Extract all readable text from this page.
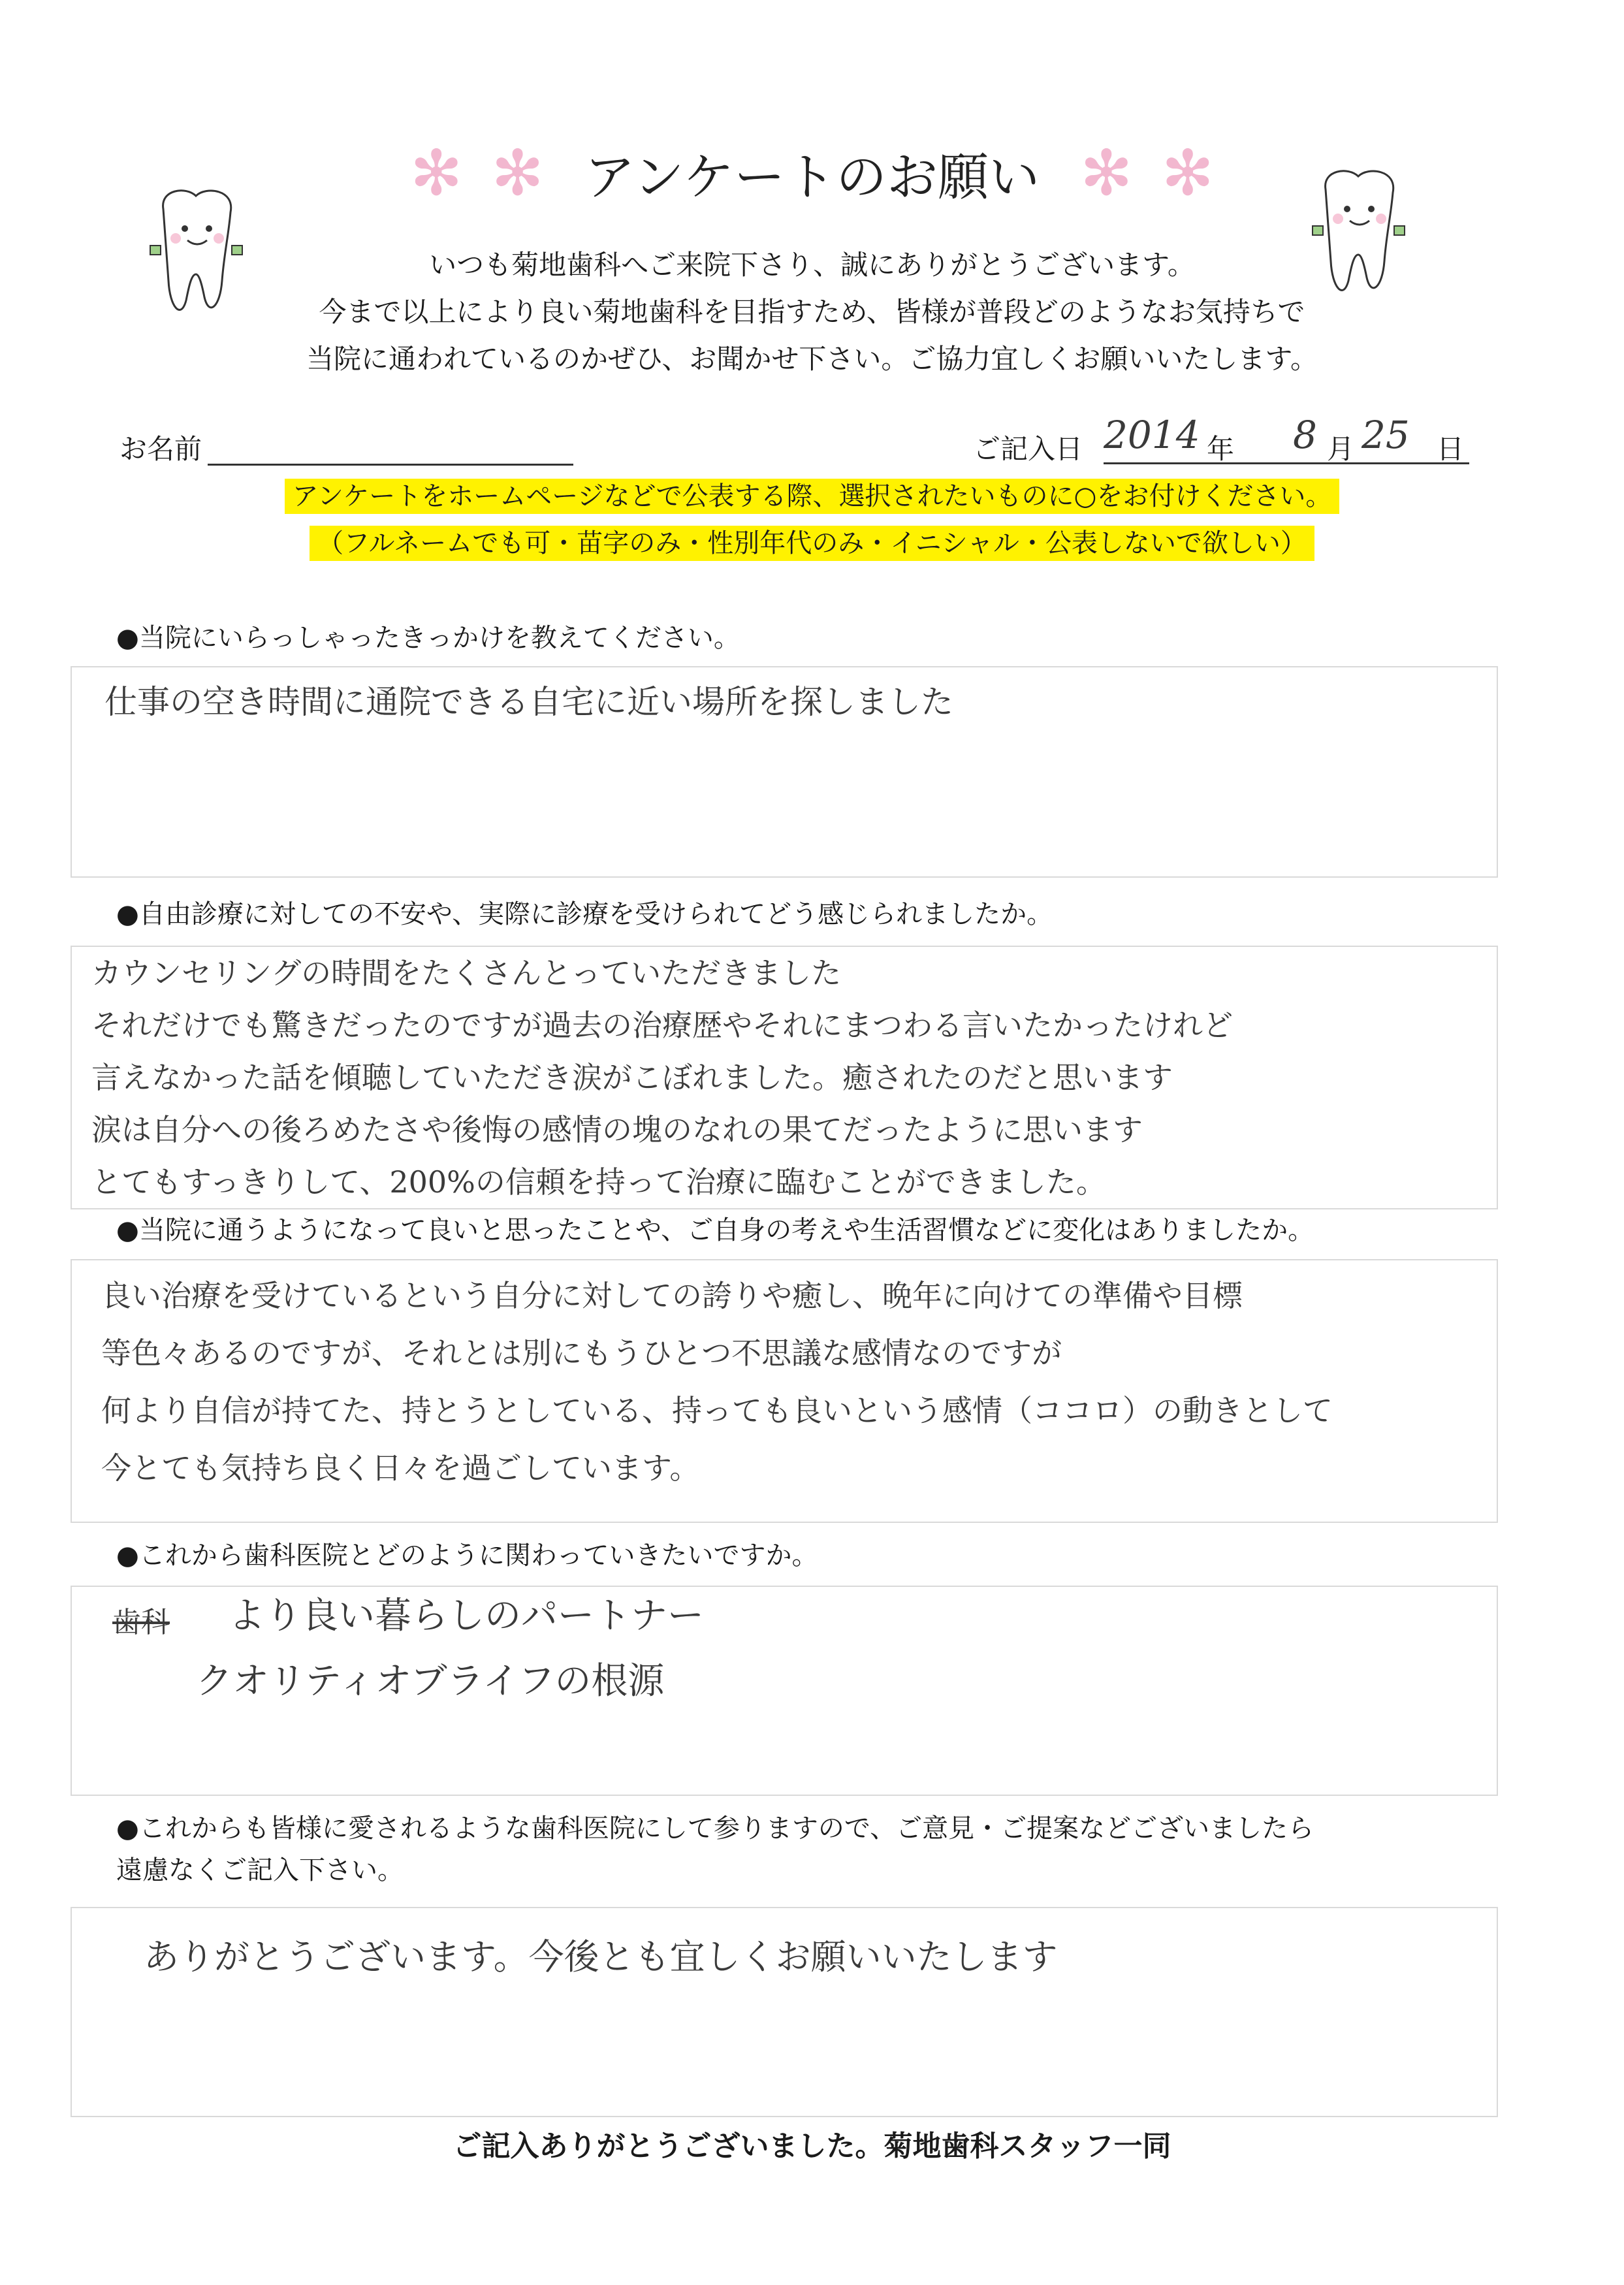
✻ ✻ アンケートのお願い ✻ ✻
いつも菊地歯科へご来院下さり、誠にありがとうございます。
今まで以上により良い菊地歯科を目指すため、皆様が普段どのようなお気持ちで
当院に通われているのかぜひ、お聞かせ下さい。ご協力宜しくお願いいたします。
お名前	ご記入日 2014 年 8 月 25 日
アンケートをホームページなどで公表する際、選択されたいものに○をお付けください。
（フルネームでも可・苗字のみ・性別年代のみ・イニシャル・公表しないで欲しい）
●当院にいらっしゃったきっかけを教えてください。
仕事の空き時間に通院できる自宅に近い場所を探しました
●自由診療に対しての不安や、実際に診療を受けられてどう感じられましたか。
カウンセリングの時間をたくさんとっていただきました
それだけでも驚きだったのですが過去の治療歴やそれにまつわる言いたかったけれど
言えなかった話を傾聴していただき涙がこぼれました。癒されたのだと思います
涙は自分への後ろめたさや後悔の感情の塊のなれの果てだったように思います
とてもすっきりして、200%の信頼を持って治療に臨むことができました。
●当院に通うようになって良いと思ったことや、ご自身の考えや生活習慣などに変化はありましたか。
良い治療を受けているという自分に対しての誇りや癒し、晩年に向けての準備や目標
等色々あるのですが、それとは別にもうひとつ不思議な感情なのですが
何より自信が持てた、持とうとしている、持っても良いという感情（ココロ）の動きとして
今とても気持ち良く日々を過ごしています。
●これから歯科医院とどのように関わっていきたいですか。
歯科 より良い暮らしのパートナー
クオリティオブライフの根源
●これからも皆様に愛されるような歯科医院にして参りますので、ご意見・ご提案などございましたら
遠慮なくご記入下さい。
ありがとうございます。今後とも宜しくお願いいたします
ご記入ありがとうございました。菊地歯科スタッフ一同
